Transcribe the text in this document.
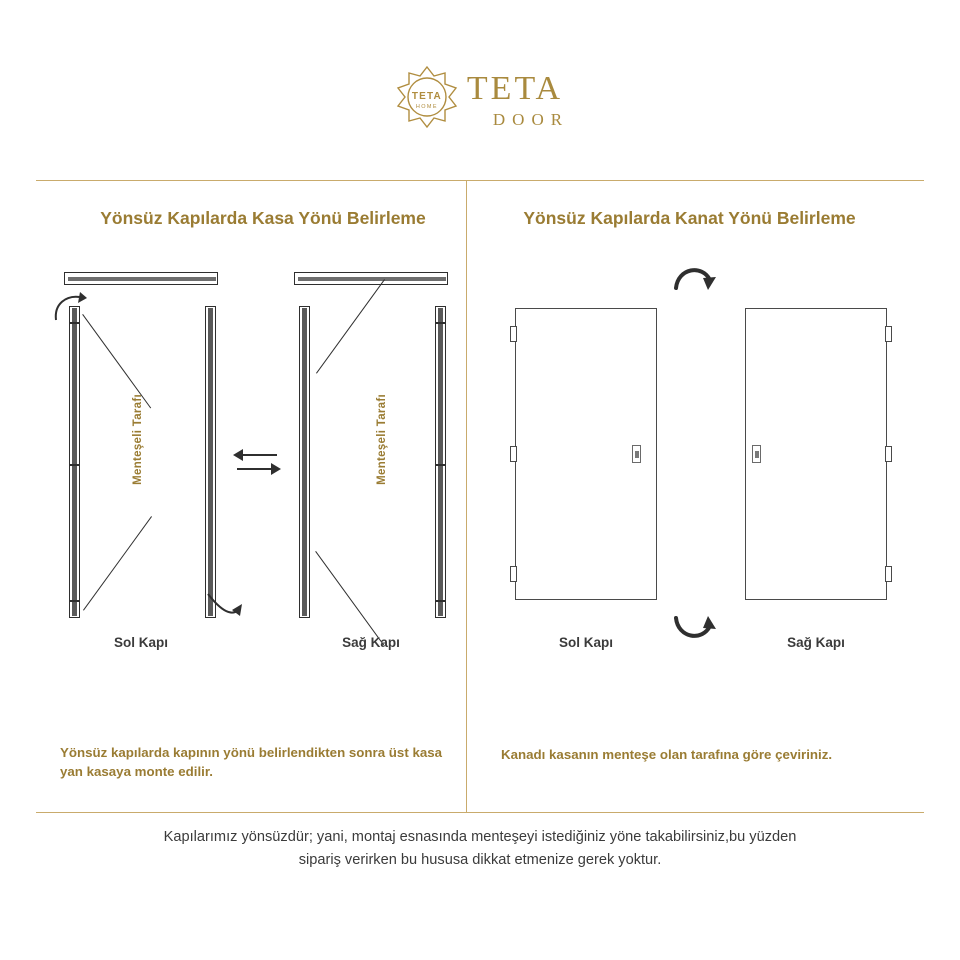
TETA
HOME TETA
DOOR
Yönsüz Kapılarda Kasa Yönü Belirleme
Menteşeli Tarafı
Sol Kapı
Menteşeli Tarafı
Sağ Kapı
Yönsüz kapılarda kapının yönü belirlendikten sonra üst kasa yan kasaya monte edilir.
Yönsüz Kapılarda Kanat Yönü Belirleme
Sol Kapı	Sağ Kapı
Kanadı kasanın menteşe olan tarafına göre çeviriniz.
Kapılarımız yönsüzdür; yani, montaj esnasında menteşeyi istediğiniz yöne takabilirsiniz,bu yüzden sipariş verirken bu hususa dikkat etmenize gerek yoktur.
